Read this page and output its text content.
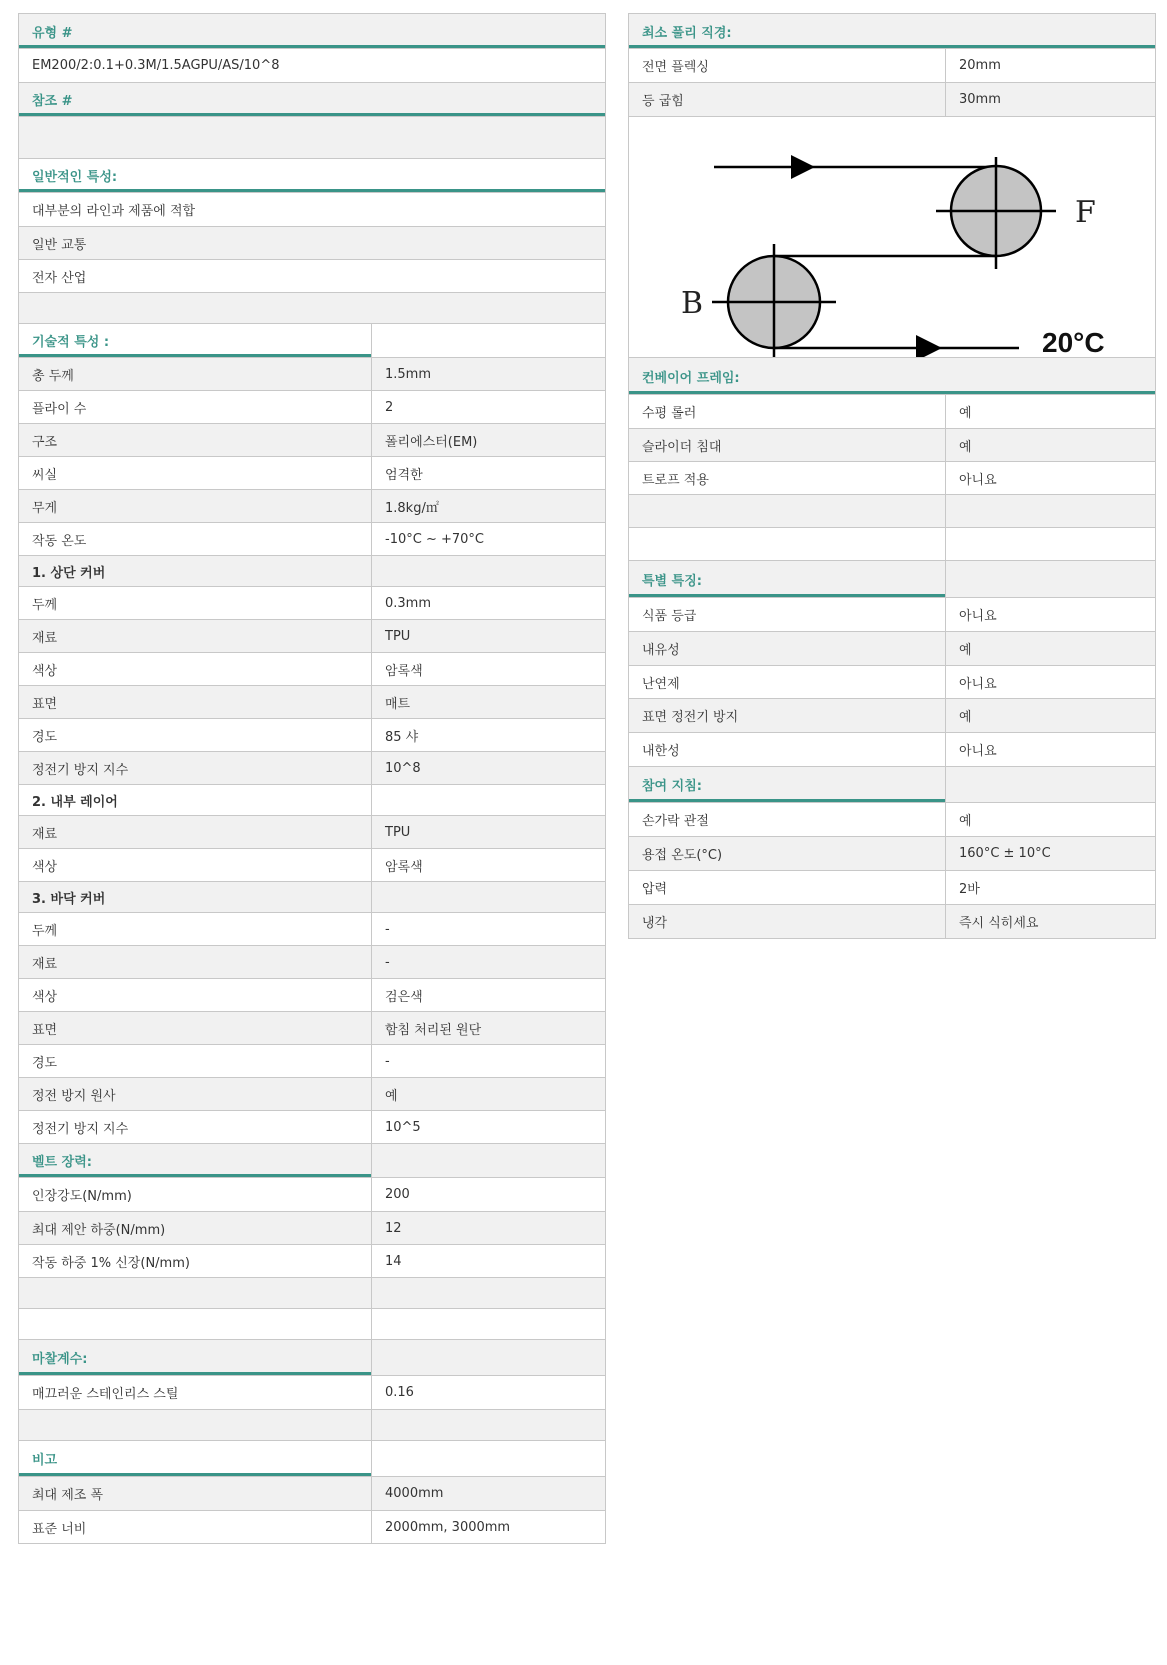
유형 #
EM200/2:0.1+0.3M/1.5AGPU/AS/10^8
참조 #
일반적인 특성:
대부분의 라인과 제품에 적합
일반 교통
전자 산업
기술적 특성 :
총 두께	1.5mm
플라이 수	2
구조	폴리에스터(EM)
씨실	엄격한
무게	1.8kg/㎡
작동 온도	-10°C ~ +70°C
1. 상단 커버
두께	0.3mm
재료	TPU
색상	암록색
표면	매트
경도	85 샤
정전기 방지 지수	10^8
2. 내부 레이어
재료	TPU
색상	암록색
3. 바닥 커버
두께	-
재료	-
색상	검은색
표면	함침 처리된 원단
경도	-
정전 방지 원사	예
정전기 방지 지수	10^5
벨트 장력:
인장강도(N/mm)	200
최대 제안 하중(N/mm)	12
작동 하중 1% 신장(N/mm)	14
마찰계수:
매끄러운 스테인리스 스틸	0.16
비고
최대 제조 폭	4000mm
표준 너비	2000mm, 3000mm
최소 풀리 직경:
전면 플렉싱	20mm
등 굽힘	30mm
F
B
20°C
컨베이어 프레임:
수평 롤러	예
슬라이더 침대	예
트로프 적용	아니요
특별 특징:
식품 등급	아니요
내유성	예
난연제	아니요
표면 정전기 방지	예
내한성	아니요
참여 지침:
손가락 관절	예
용접 온도(°C)	160°C ± 10°C
압력	2바
냉각	즉시 식히세요
